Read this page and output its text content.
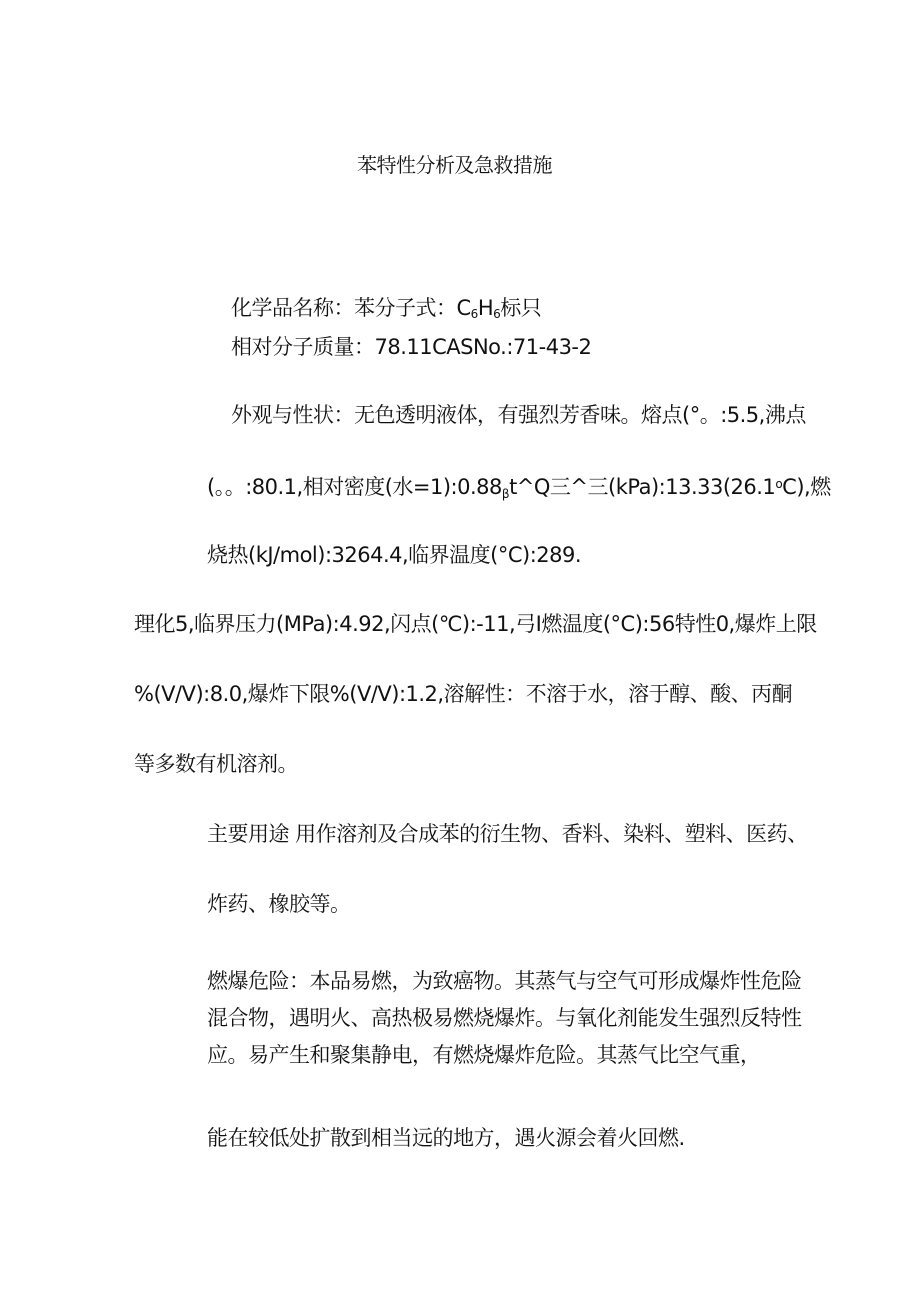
苯特性分析及急救措施
化学品名称：苯分子式：$C_6H_6$标只
相对分子质量：78.11CASNo.:71-43-2
外观与性状：无色透明液体，有强烈芳香味。熔点(°。:5.5,沸点
(。。:80.1,相对密度(水=1):0.88βt^Q三^三(kPa):13.33(26.1$^o$C),燃
烧热(kJ/mol):3264.4,临界温度(°C):289.
理化5,临界压力(MPa):4.92,闪点(℃):-11,弓I燃温度(°C):56特性0,爆炸上限
%(V/V):8.0,爆炸下限%(V/V):1.2,溶解性：不溶于水，溶于醇、酸、丙酮
等多数有机溶剂。
主要用途 用作溶剂及合成苯的衍生物、香料、染料、塑料、医药、
炸药、橡胶等。
燃爆危险：本品易燃，为致癌物。其蒸气与空气可形成爆炸性危险
混合物，遇明火、高热极易燃烧爆炸。与氧化剂能发生强烈反特性
应。易产生和聚集静电，有燃烧爆炸危险。其蒸气比空气重，
能在较低处扩散到相当远的地方，遇火源会着火回燃.
